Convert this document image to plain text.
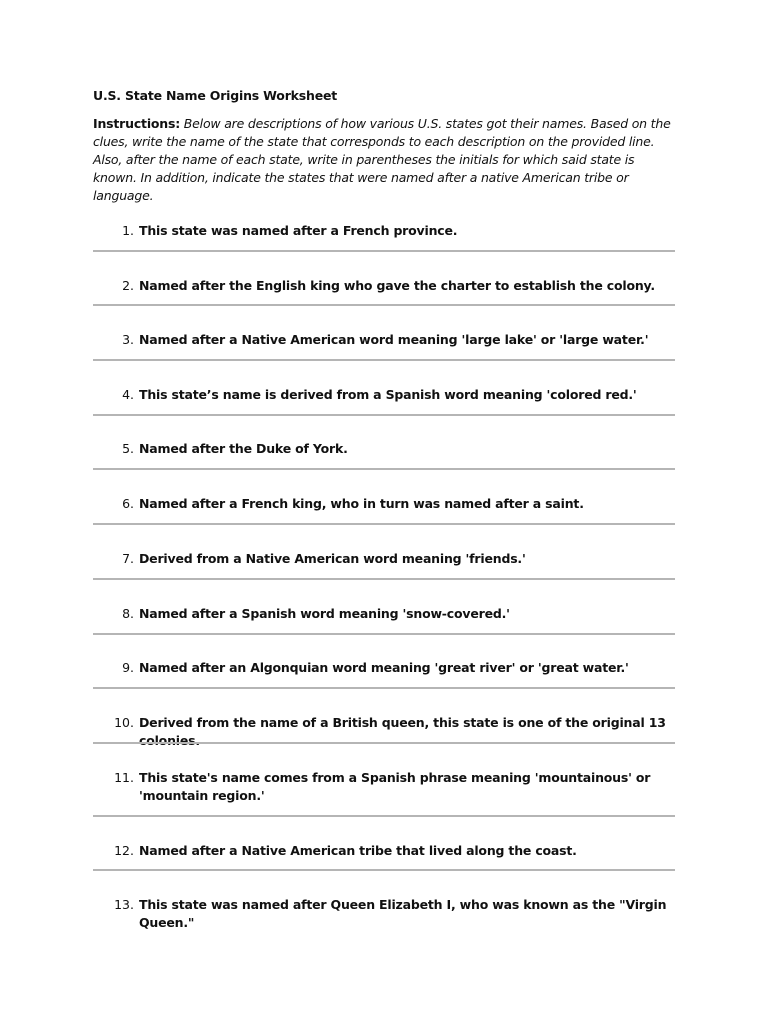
U.S. State Name Origins Worksheet
Instructions: Below are descriptions of how various U.S. states got their names. Based on the clues, write the name of the state that corresponds to each description on the provided line. Also, after the name of each state, write in parentheses the initials for which said state is known. In addition, indicate the states that were named after a native American tribe or language.
1. This state was named after a French province.
2. Named after the English king who gave the charter to establish the colony.
3. Named after a Native American word meaning 'large lake' or 'large water.'
4. This state’s name is derived from a Spanish word meaning 'colored red.'
5. Named after the Duke of York.
6. Named after a French king, who in turn was named after a saint.
7. Derived from a Native American word meaning 'friends.'
8. Named after a Spanish word meaning 'snow-covered.'
9. Named after an Algonquian word meaning 'great river' or 'great water.'
10. Derived from the name of a British queen, this state is one of the original 13 colonies.
11. This state's name comes from a Spanish phrase meaning 'mountainous' or 'mountain region.'
12. Named after a Native American tribe that lived along the coast.
13. This state was named after Queen Elizabeth I, who was known as the "Virgin Queen."
